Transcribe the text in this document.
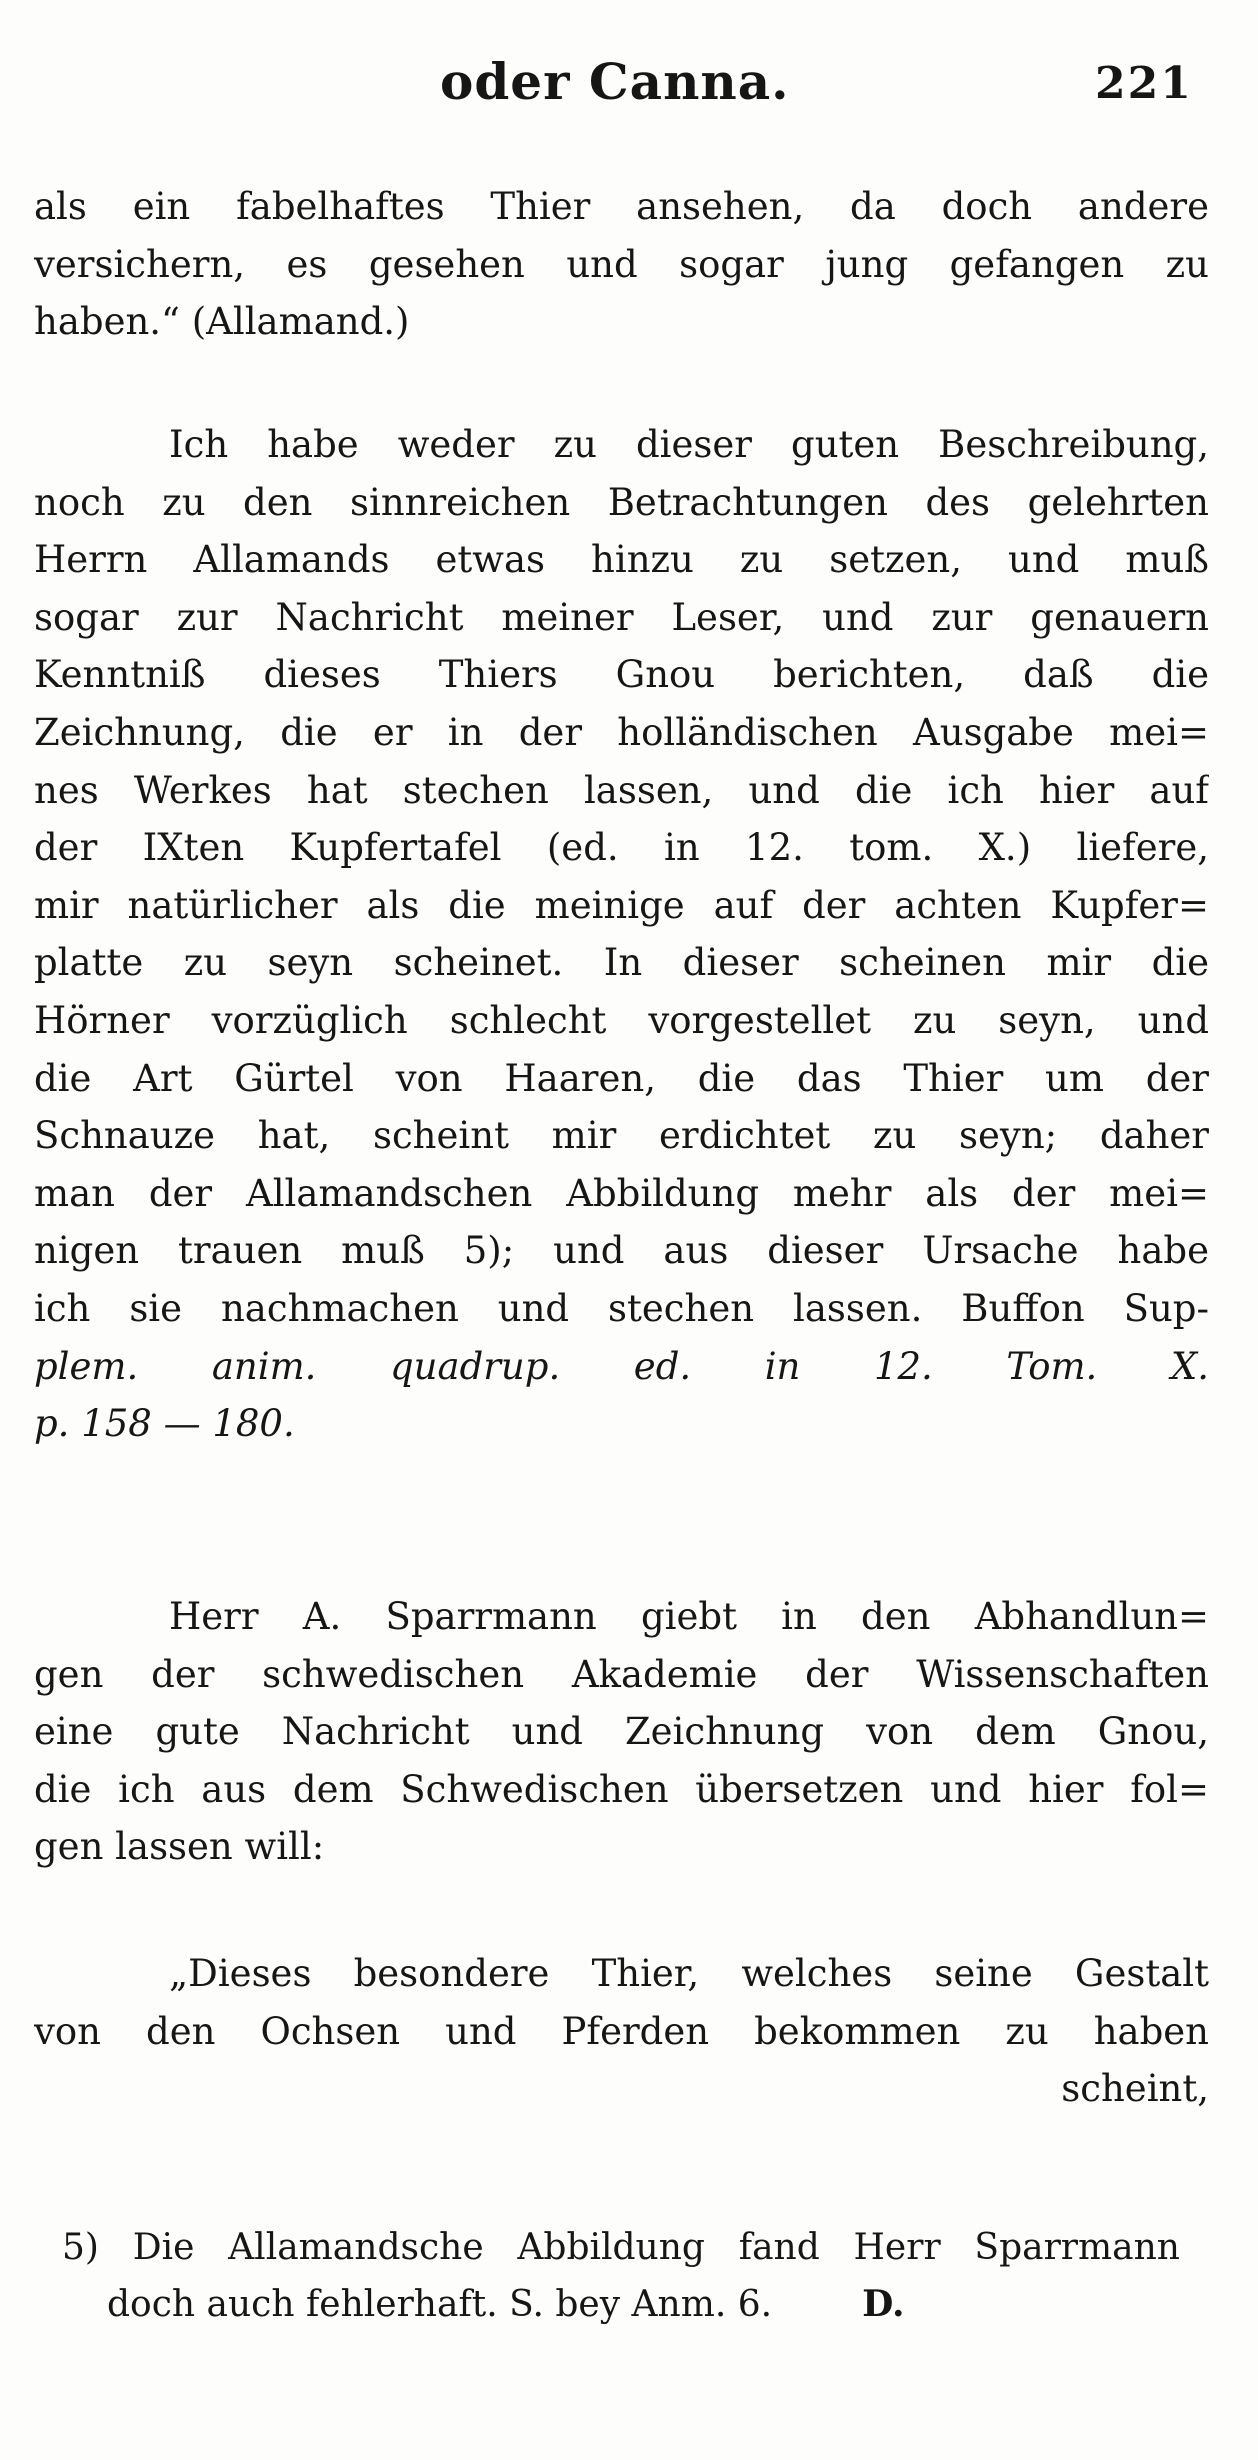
oder Canna.	221
als ein fabelhaftes Thier ansehen, da doch andere
versichern, es gesehen und sogar jung gefangen zu
haben.“ (Allamand.)
Ich habe weder zu dieser guten Beschreibung,
noch zu den sinnreichen Betrachtungen des gelehrten
Herrn Allamands etwas hinzu zu setzen, und muß
sogar zur Nachricht meiner Leser, und zur genauern
Kenntniß dieses Thiers Gnou berichten, daß die
Zeichnung, die er in der holländischen Ausgabe mei=
nes Werkes hat stechen lassen, und die ich hier auf
der IXten Kupfertafel (ed. in 12. tom. X.) liefere,
mir natürlicher als die meinige auf der achten Kupfer=
platte zu seyn scheinet. In dieser scheinen mir die
Hörner vorzüglich schlecht vorgestellet zu seyn, und
die Art Gürtel von Haaren, die das Thier um der
Schnauze hat, scheint mir erdichtet zu seyn; daher
man der Allamandschen Abbildung mehr als der mei=
nigen trauen muß 5); und aus dieser Ursache habe
ich sie nachmachen und stechen lassen. Buffon Sup-
plem. anim. quadrup. ed. in 12. Tom. X.
p. 158 — 180.
Herr A. Sparrmann giebt in den Abhandlun=
gen der schwedischen Akademie der Wissenschaften
eine gute Nachricht und Zeichnung von dem Gnou,
die ich aus dem Schwedischen übersetzen und hier fol=
gen lassen will:
„Dieses besondere Thier, welches seine Gestalt
von den Ochsen und Pferden bekommen zu haben
scheint,
5) Die Allamandsche Abbildung fand Herr Sparrmann
doch auch fehlerhaft. S. bey Anm. 6.	D.
